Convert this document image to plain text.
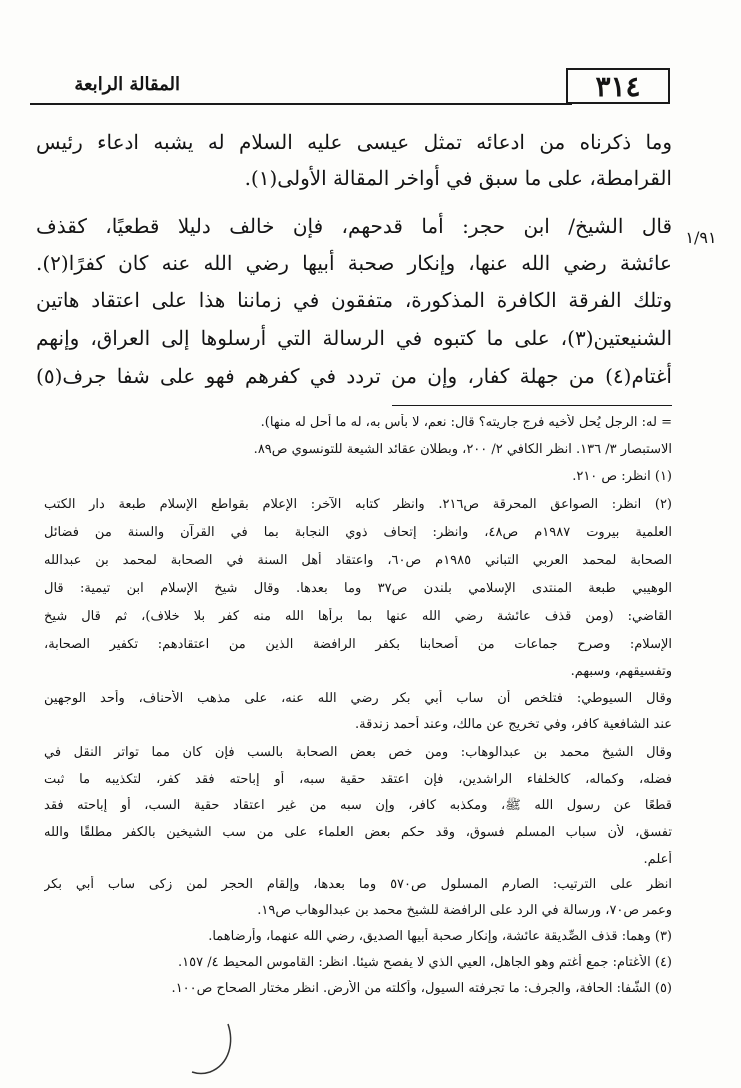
٣١٤
المقالة الرابعة
١/٩١
وما ذكرناه من ادعائه تمثل عيسى عليه السلام له يشبه ادعاء رئيس
القرامطة، على ما سبق في أواخر المقالة الأولى(١).
قال الشيخ/ ابن حجر: أما قدحهم، فإن خالف دليلا قطعيًا، كقذف
عائشة رضي الله عنها، وإنكار صحبة أبيها رضي الله عنه كان كفرًا(٢).
وتلك الفرقة الكافرة المذكورة، متفقون في زماننا هذا على اعتقاد هاتين
الشنيعتين(٣)، على ما كتبوه في الرسالة التي أرسلوها إلى العراق، وإنهم
أغتام(٤) من جهلة كفار، وإن من تردد في كفرهم فهو على شفا جرف(٥)
= له: الرجل يُحل لأخيه فرج جاريته؟ قال: نعم، لا بأس به، له ما أحل له منها).
الاستبصار ٣/ ١٣٦. انظر الكافي ٢/ ٢٠٠، وبطلان عقائد الشيعة للتونسوي ص٨٩.
(١) انظر: ص ٢١٠.
(٢) انظر: الصواعق المحرقة ص٢١٦. وانظر كتابه الآخر: الإعلام بقواطع الإسلام طبعة دار الكتب
العلمية بيروت ١٩٨٧م ص٤٨، وانظر: إتحاف ذوي النجابة بما في القرآن والسنة من فضائل
الصحابة لمحمد العربي التباني ١٩٨٥م ص٦٠، واعتقاد أهل السنة في الصحابة لمحمد بن عبدالله
الوهيبي طبعة المنتدى الإسلامي بلندن ص٣٧ وما بعدها. وقال شيخ الإسلام ابن تيمية: قال
القاضي: (ومن قذف عائشة رضي الله عنها بما برأها الله منه كفر بلا خلاف)، ثم قال شيخ
الإسلام: وصرح جماعات من أصحابنا بكفر الرافضة الذين من اعتقادهم: تكفير الصحابة،
وتفسيقهم، وسبهم.
وقال السيوطي: فتلخص أن ساب أبي بكر رضي الله عنه، على مذهب الأحناف، وأحد الوجهين
عند الشافعية كافر، وفي تخريج عن مالك، وعند أحمد زندقة.
وقال الشيخ محمد بن عبدالوهاب: ومن خص بعض الصحابة بالسب فإن كان مما تواتر النقل في
فضله، وكماله، كالخلفاء الراشدين، فإن اعتقد حقية سبه، أو إباحته فقد كفر، لتكذيبه ما ثبت
قطعًا عن رسول الله ﷺ، ومكذبه كافر، وإن سبه من غير اعتقاد حقية السب، أو إباحته فقد
تفسق، لأن سباب المسلم فسوق، وقد حكم بعض العلماء على من سب الشيخين بالكفر مطلقًا والله
أعلم.
انظر على الترتيب: الصارم المسلول ص٥٧٠ وما بعدها، وإلقام الحجر لمن زكى ساب أبي بكر
وعمر ص٧٠، ورسالة في الرد على الرافضة للشيخ محمد بن عبدالوهاب ص١٩.
(٣) وهما: قذف الصِّديقة عائشة، وإنكار صحبة أبيها الصديق، رضي الله عنهما، وأرضاهما.
(٤) الأغتام: جمع أغتم وهو الجاهل، العيي الذي لا يفصح شيئا. انظر: القاموس المحيط ٤/ ١٥٧.
(٥) الشَّفا: الحافة، والجرف: ما تجرفته السيول، وأكلته من الأرض. انظر مختار الصحاح ص١٠٠.
